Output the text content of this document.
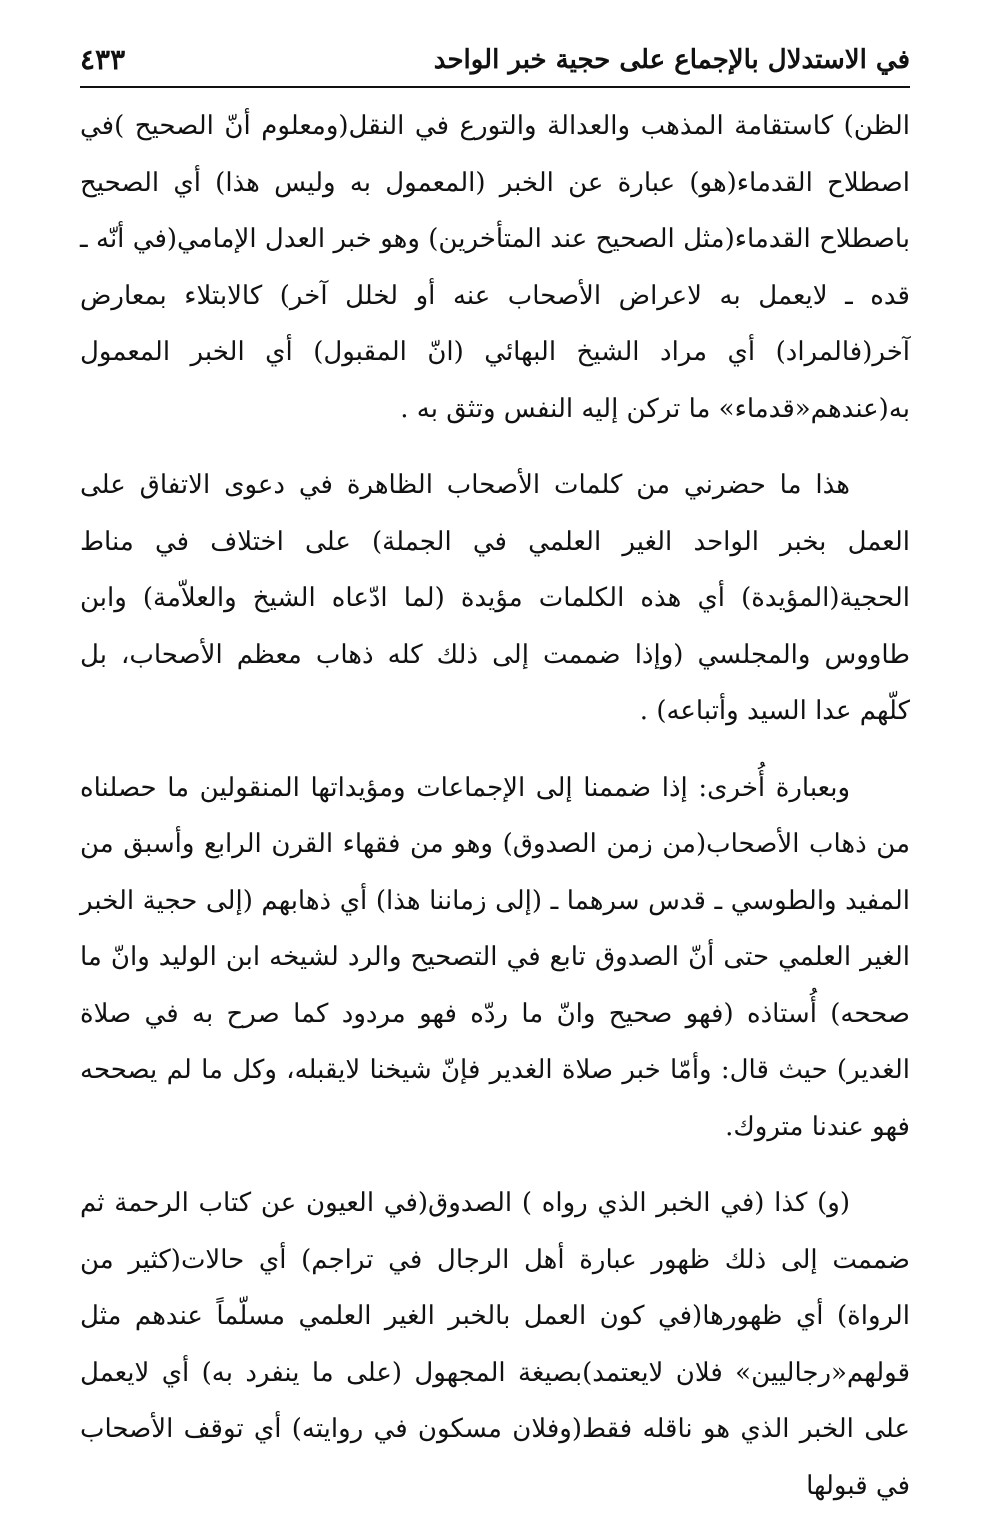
في الاستدلال بالإجماع على حجية خبر الواحد
٤٣٣

الظن) كاستقامة المذهب والعدالة والتورع في النقل(ومعلوم أنّ الصحيح )في اصطلاح القدماء(هو) عبارة عن الخبر (المعمول به وليس هذا) أي الصحيح باصطلاح القدماء(مثل الصحيح عند المتأخرين) وهو خبر العدل الإمامي(في أنّه ـ قده ـ لايعمل به لاعراض الأصحاب عنه أو لخلل آخر) كالابتلاء بمعارض آخر(فالمراد) أي مراد الشيخ البهائي (انّ المقبول) أي الخبر المعمول به(عندهم«قدماء» ما تركن إليه النفس وتثق به .

هذا ما حضرني من كلمات الأصحاب الظاهرة في دعوى الاتفاق على العمل بخبر الواحد الغير العلمي في الجملة) على اختلاف في مناط الحجية(المؤيدة) أي هذه الكلمات مؤيدة (لما ادّعاه الشيخ والعلاّمة) وابن طاووس والمجلسي (وإذا ضممت إلى ذلك كله ذهاب معظم الأصحاب، بل كلّهم عدا السيد وأتباعه) .

وبعبارة أُخرى: إذا ضممنا إلى الإجماعات ومؤيداتها المنقولين ما حصلناه من ذهاب الأصحاب(من زمن الصدوق) وهو من فقهاء القرن الرابع وأسبق من المفيد والطوسي ـ قدس سرهما ـ (إلى زماننا هذا) أي ذهابهم (إلى حجية الخبر الغير العلمي حتى أنّ الصدوق تابع في التصحيح والرد لشيخه ابن الوليد وانّ ما صححه) أُستاذه (فهو صحيح وانّ ما ردّه فهو مردود كما صرح به في صلاة الغدير) حيث قال: وأمّا خبر صلاة الغدير فإنّ شيخنا لايقبله، وكل ما لم يصححه فهو عندنا متروك.

(و) كذا (في الخبر الذي رواه ) الصدوق(في العيون عن كتاب الرحمة ثم ضممت إلى ذلك ظهور عبارة أهل الرجال في تراجم) أي حالات(كثير من الرواة) أي ظهورها(في كون العمل بالخبر الغير العلمي مسلّماً عندهم مثل قولهم«رجاليين» فلان لايعتمد)بصيغة المجهول (على ما ينفرد به) أي لايعمل على الخبر الذي هو ناقله فقط(وفلان مسكون في روايته) أي توقف الأصحاب في قبولها
